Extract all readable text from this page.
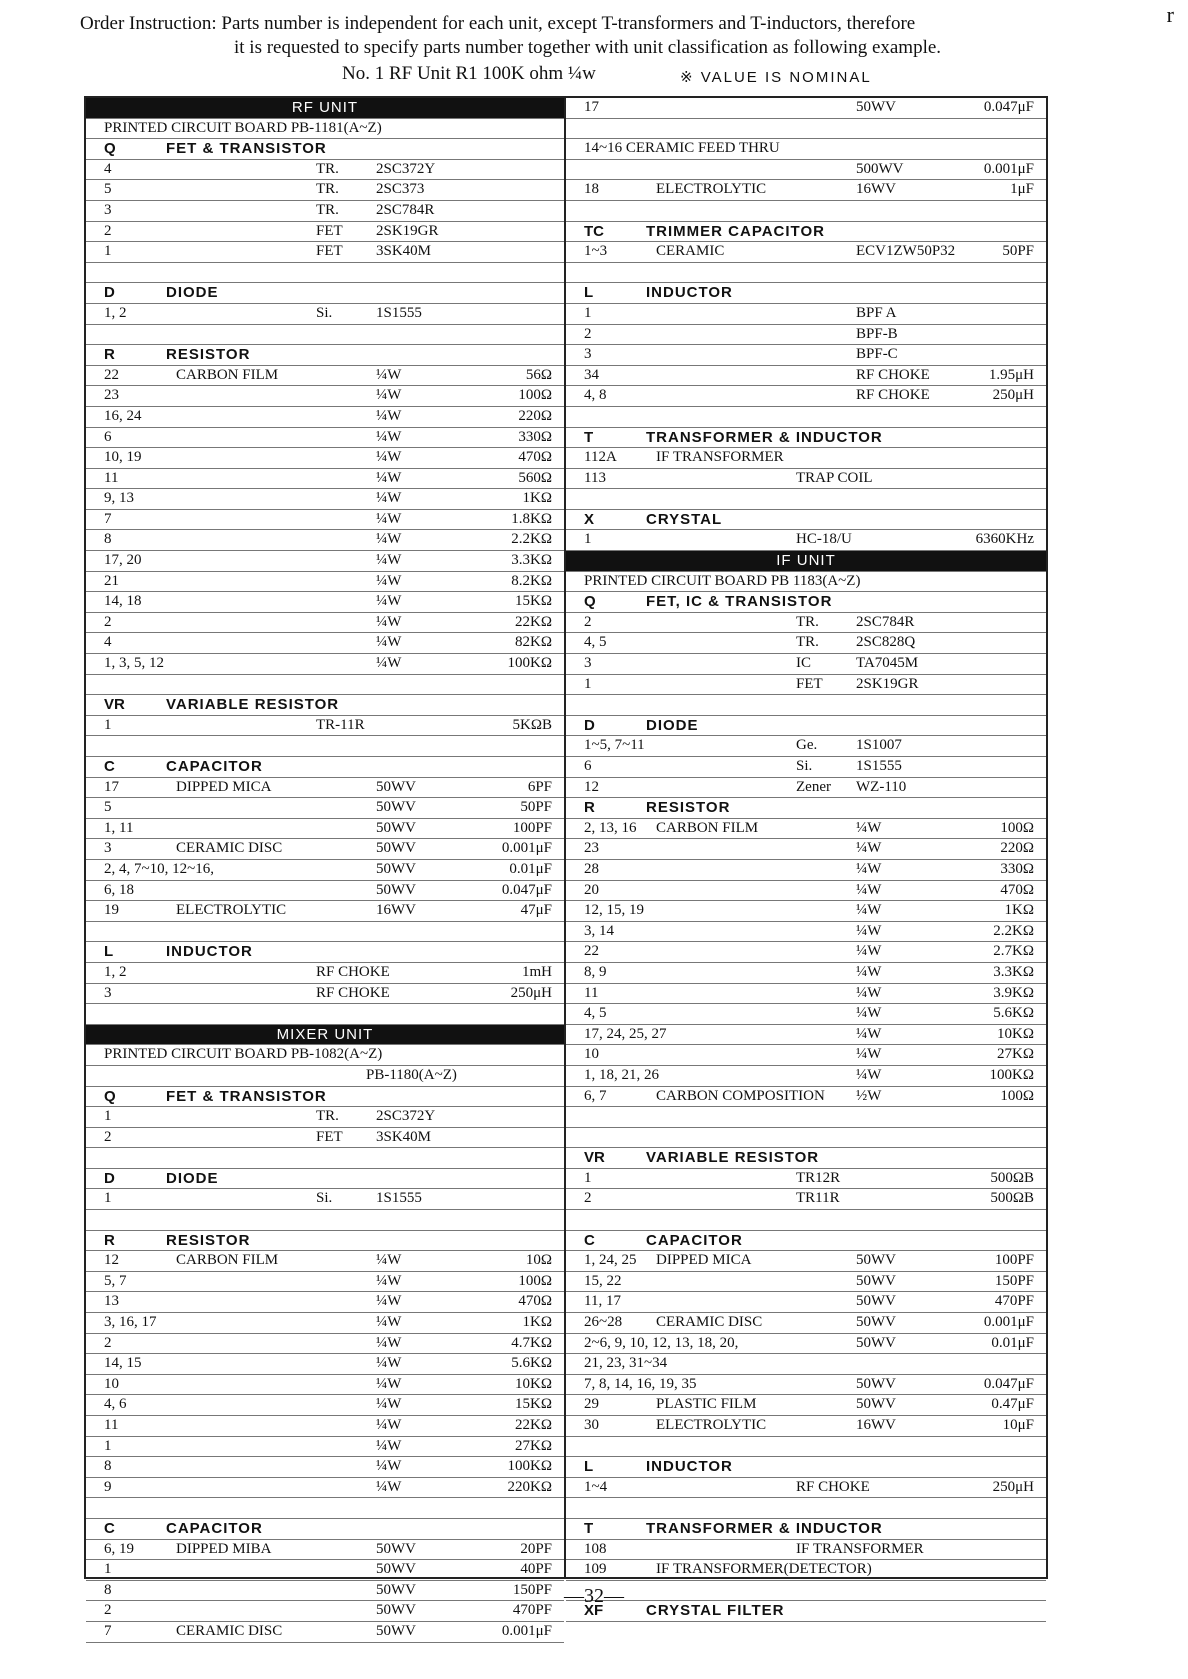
Order Instruction: Parts number is independent for each unit, except T-transformers and T-inductors, therefore
it is requested to specify parts number together with unit classification as following example.
No. 1 RF Unit R1 100K ohm ¼w	※ VALUE IS NOMINAL
r
RF UNIT
PRINTED CIRCUIT BOARD PB-1181(A~Z)
Q	FET & TRANSISTOR
4	TR. 2SC372Y
5	TR. 2SC373
3	TR. 2SC784R
2	FET 2SK19GR
1	FET 3SK40M
D	DIODE
1, 2	Si.	1S1555
R	RESISTOR
22	CARBON FILM	¼W	56Ω
23	¼W	100Ω
16, 24	¼W	220Ω
6	¼W	330Ω
10, 19	¼W	470Ω
11	¼W	560Ω
9, 13	¼W	1KΩ
7	¼W	1.8KΩ
8	¼W	2.2KΩ
17, 20	¼W	3.3KΩ
21	¼W	8.2KΩ
14, 18	¼W	15KΩ
2	¼W	22KΩ
4	¼W	82KΩ
1, 3, 5, 12	¼W	100KΩ
VR	VARIABLE RESISTOR
1	TR-11R	5KΩB
C	CAPACITOR
17	DIPPED MICA	50WV	6PF
5	50WV	50PF
1, 11	50WV	100PF
3	CERAMIC DISC	50WV	0.001μF
2, 4, 7~10, 12~16,	50WV	0.01μF
6, 18	50WV	0.047μF
19	ELECTROLYTIC	16WV	47μF
L	INDUCTOR
1, 2	RF CHOKE	1mH
3	RF CHOKE	250μH
MIXER UNIT
PRINTED CIRCUIT BOARD PB-1082(A~Z)
PB-1180(A~Z)
Q	FET & TRANSISTOR
1	TR. 2SC372Y
2	FET 3SK40M
D	DIODE
1	Si.	1S1555
R	RESISTOR
12	CARBON FILM	¼W	10Ω
5, 7	¼W	100Ω
13	¼W	470Ω
3, 16, 17	¼W	1KΩ
2	¼W	4.7KΩ
14, 15	¼W	5.6KΩ
10	¼W	10KΩ
4, 6	¼W	15KΩ
11	¼W	22KΩ
1	¼W	27KΩ
8	¼W	100KΩ
9	¼W	220KΩ
C	CAPACITOR
6, 19	DIPPED MIBA	50WV	20PF
1	50WV	40PF
8	50WV	150PF
2	50WV	470PF
7	CERAMIC DISC	50WV	0.001μF
17	50WV	0.047μF
14~16 CERAMIC FEED THRU
500WV	0.001μF
18	ELECTROLYTIC	16WV	1μF
TC	TRIMMER CAPACITOR
1~3	CERAMIC	ECV1ZW50P32	50PF
L	INDUCTOR
1	BPF A
2	BPF-B
3	BPF-C
34	RF CHOKE	1.95μH
4, 8	RF CHOKE	250μH
T	TRANSFORMER & INDUCTOR
112A	IF TRANSFORMER
113	TRAP COIL
X	CRYSTAL
1	HC-18/U	6360KHz
IF UNIT
PRINTED CIRCUIT BOARD PB 1183(A~Z)
Q	FET, IC & TRANSISTOR
2	TR. 2SC784R
4, 5	TR. 2SC828Q
3	IC	TA7045M
1	FET 2SK19GR
D	DIODE
1~5, 7~11	Ge.	1S1007
6	Si.	1S1555
12	Zener WZ-110
R	RESISTOR
2, 13, 16 CARBON FILM	¼W	100Ω
23	¼W	220Ω
28	¼W	330Ω
20	¼W	470Ω
12, 15, 19	¼W	1KΩ
3, 14	¼W	2.2KΩ
22	¼W	2.7KΩ
8, 9	¼W	3.3KΩ
11	¼W	3.9KΩ
4, 5	¼W	5.6KΩ
17, 24, 25, 27	¼W	10KΩ
10	¼W	27KΩ
1, 18, 21, 26	¼W	100KΩ
6, 7	CARBON COMPOSITION ½W	100Ω
VR	VARIABLE RESISTOR
1	TR12R	500ΩB
2	TR11R	500ΩB
C	CAPACITOR
1, 24, 25 DIPPED MICA	50WV	100PF
15, 22	50WV	150PF
11, 17	50WV	470PF
26~28 CERAMIC DISC	50WV	0.001μF
2~6, 9, 10, 12, 13, 18, 20,	50WV	0.01μF
21, 23, 31~34
7, 8, 14, 16, 19, 35	50WV	0.047μF
29	PLASTIC FILM	50WV	0.47μF
30	ELECTROLYTIC	16WV	10μF
L	INDUCTOR
1~4	RF CHOKE	250μH
T	TRANSFORMER & INDUCTOR
108	IF TRANSFORMER
109	IF TRANSFORMER(DETECTOR)
XF	CRYSTAL FILTER
—32—
